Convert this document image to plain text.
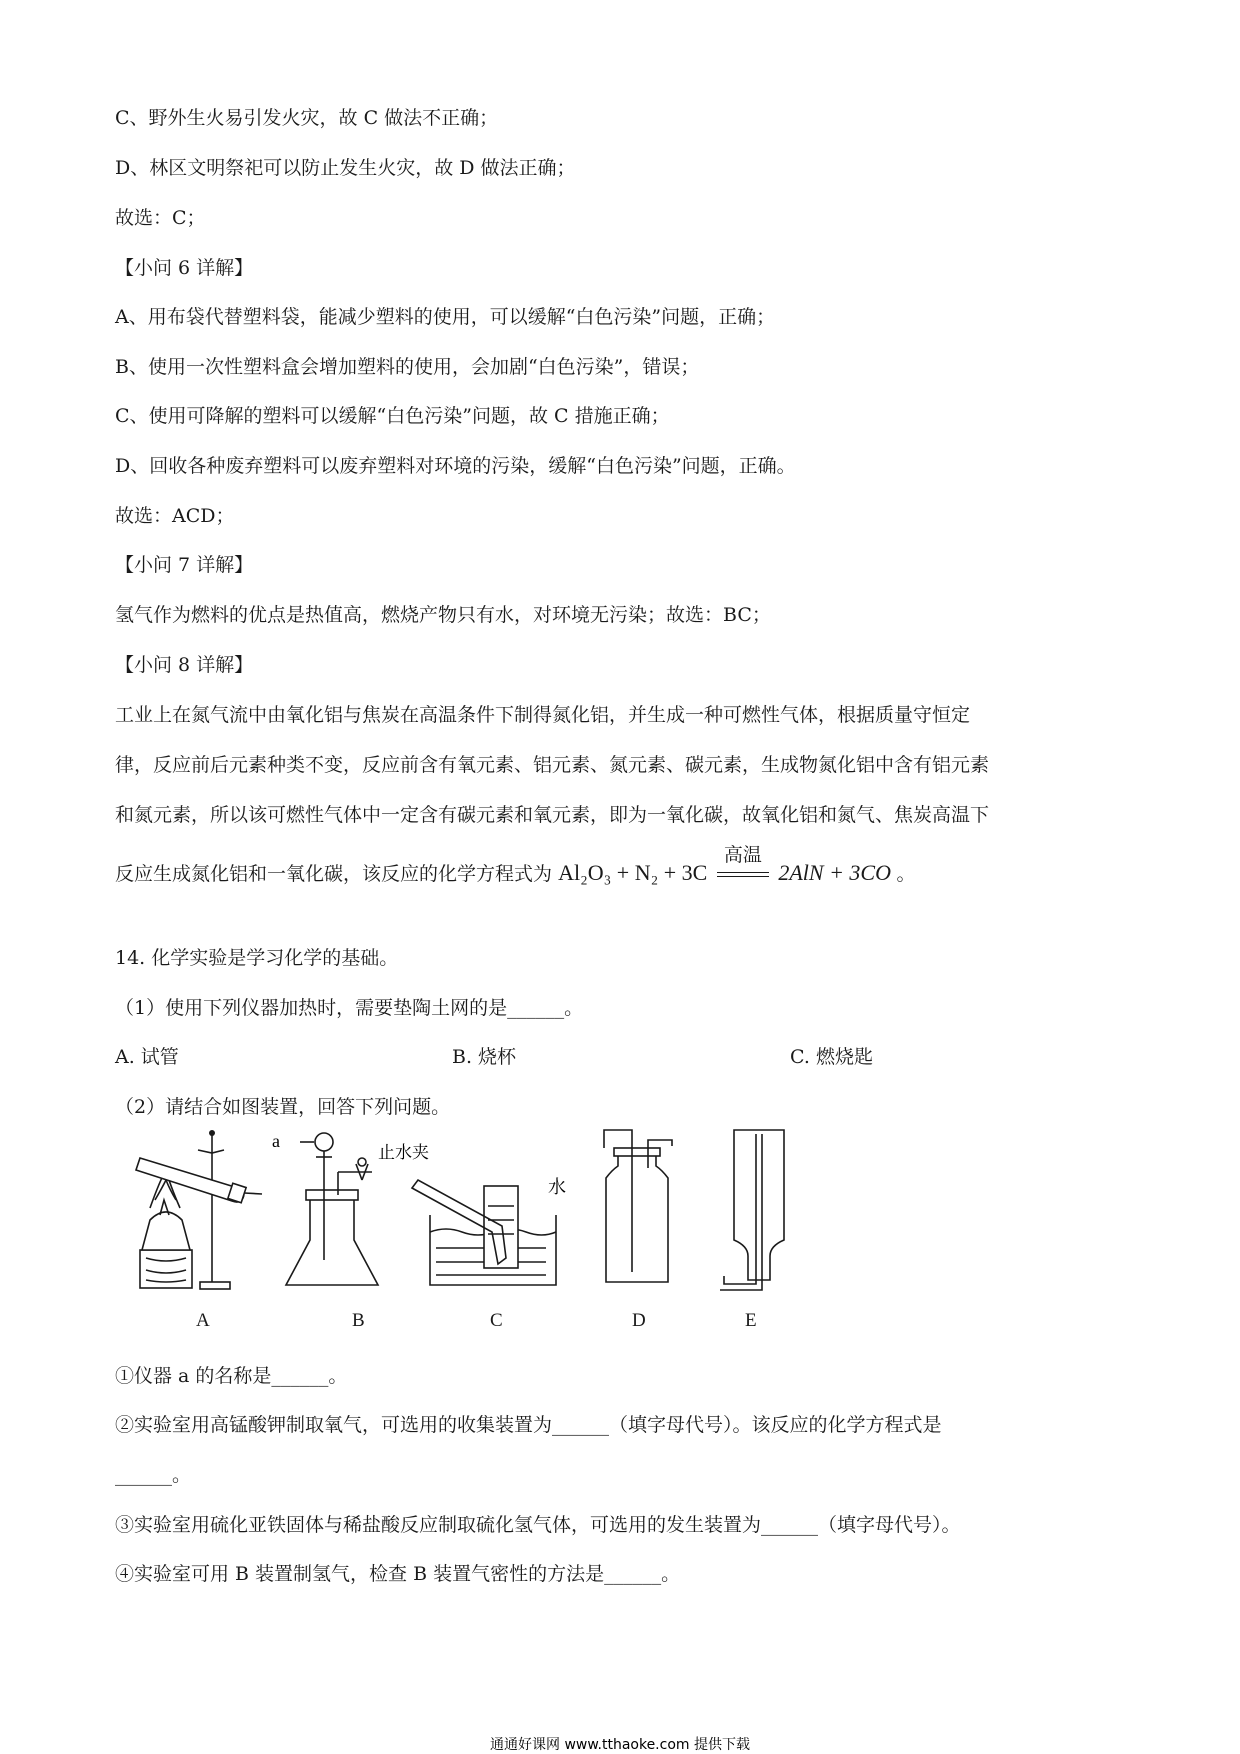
C、野外生火易引发火灾，故 C 做法不正确；
D、林区文明祭祀可以防止发生火灾，故 D 做法正确；
故选：C；
【小问 6 详解】
A、用布袋代替塑料袋，能减少塑料的使用，可以缓解“白色污染”问题，正确；
B、使用一次性塑料盒会增加塑料的使用，会加剧“白色污染”，错误；
C、使用可降解的塑料可以缓解“白色污染”问题，故 C 措施正确；
D、回收各种废弃塑料可以废弃塑料对环境的污染，缓解“白色污染”问题，正确。
故选：ACD；
【小问 7 详解】
氢气作为燃料的优点是热值高，燃烧产物只有水，对环境无污染；故选：BC；
【小问 8 详解】
工业上在氮气流中由氧化铝与焦炭在高温条件下制得氮化铝，并生成一种可燃性气体，根据质量守恒定
律，反应前后元素种类不变，反应前含有氧元素、铝元素、氮元素、碳元素，生成物氮化铝中含有铝元素
和氮元素，所以该可燃性气体中一定含有碳元素和氧元素，即为一氧化碳，故氧化铝和氮气、焦炭高温下
反应生成氮化铝和一氧化碳，该反应的化学方程式为 Al₂O₃ + N₂ + 3C
高温
2AlN + 3CO 。
14. 化学实验是学习化学的基础。
（1）使用下列仪器加热时，需要垫陶土网的是______。
A. 试管	B. 烧杯	C. 燃烧匙
（2）请结合如图装置，回答下列问题。
a
止水夹
水
A	B	C	D	E
①仪器 a 的名称是______。
②实验室用高锰酸钾制取氧气，可选用的收集装置为______（填字母代号）。该反应的化学方程式是
______。
③实验室用硫化亚铁固体与稀盐酸反应制取硫化氢气体，可选用的发生装置为______（填字母代号）。
④实验室可用 B 装置制氢气，检查 B 装置气密性的方法是______。
通通好课网 www.tthaoke.com 提供下载
